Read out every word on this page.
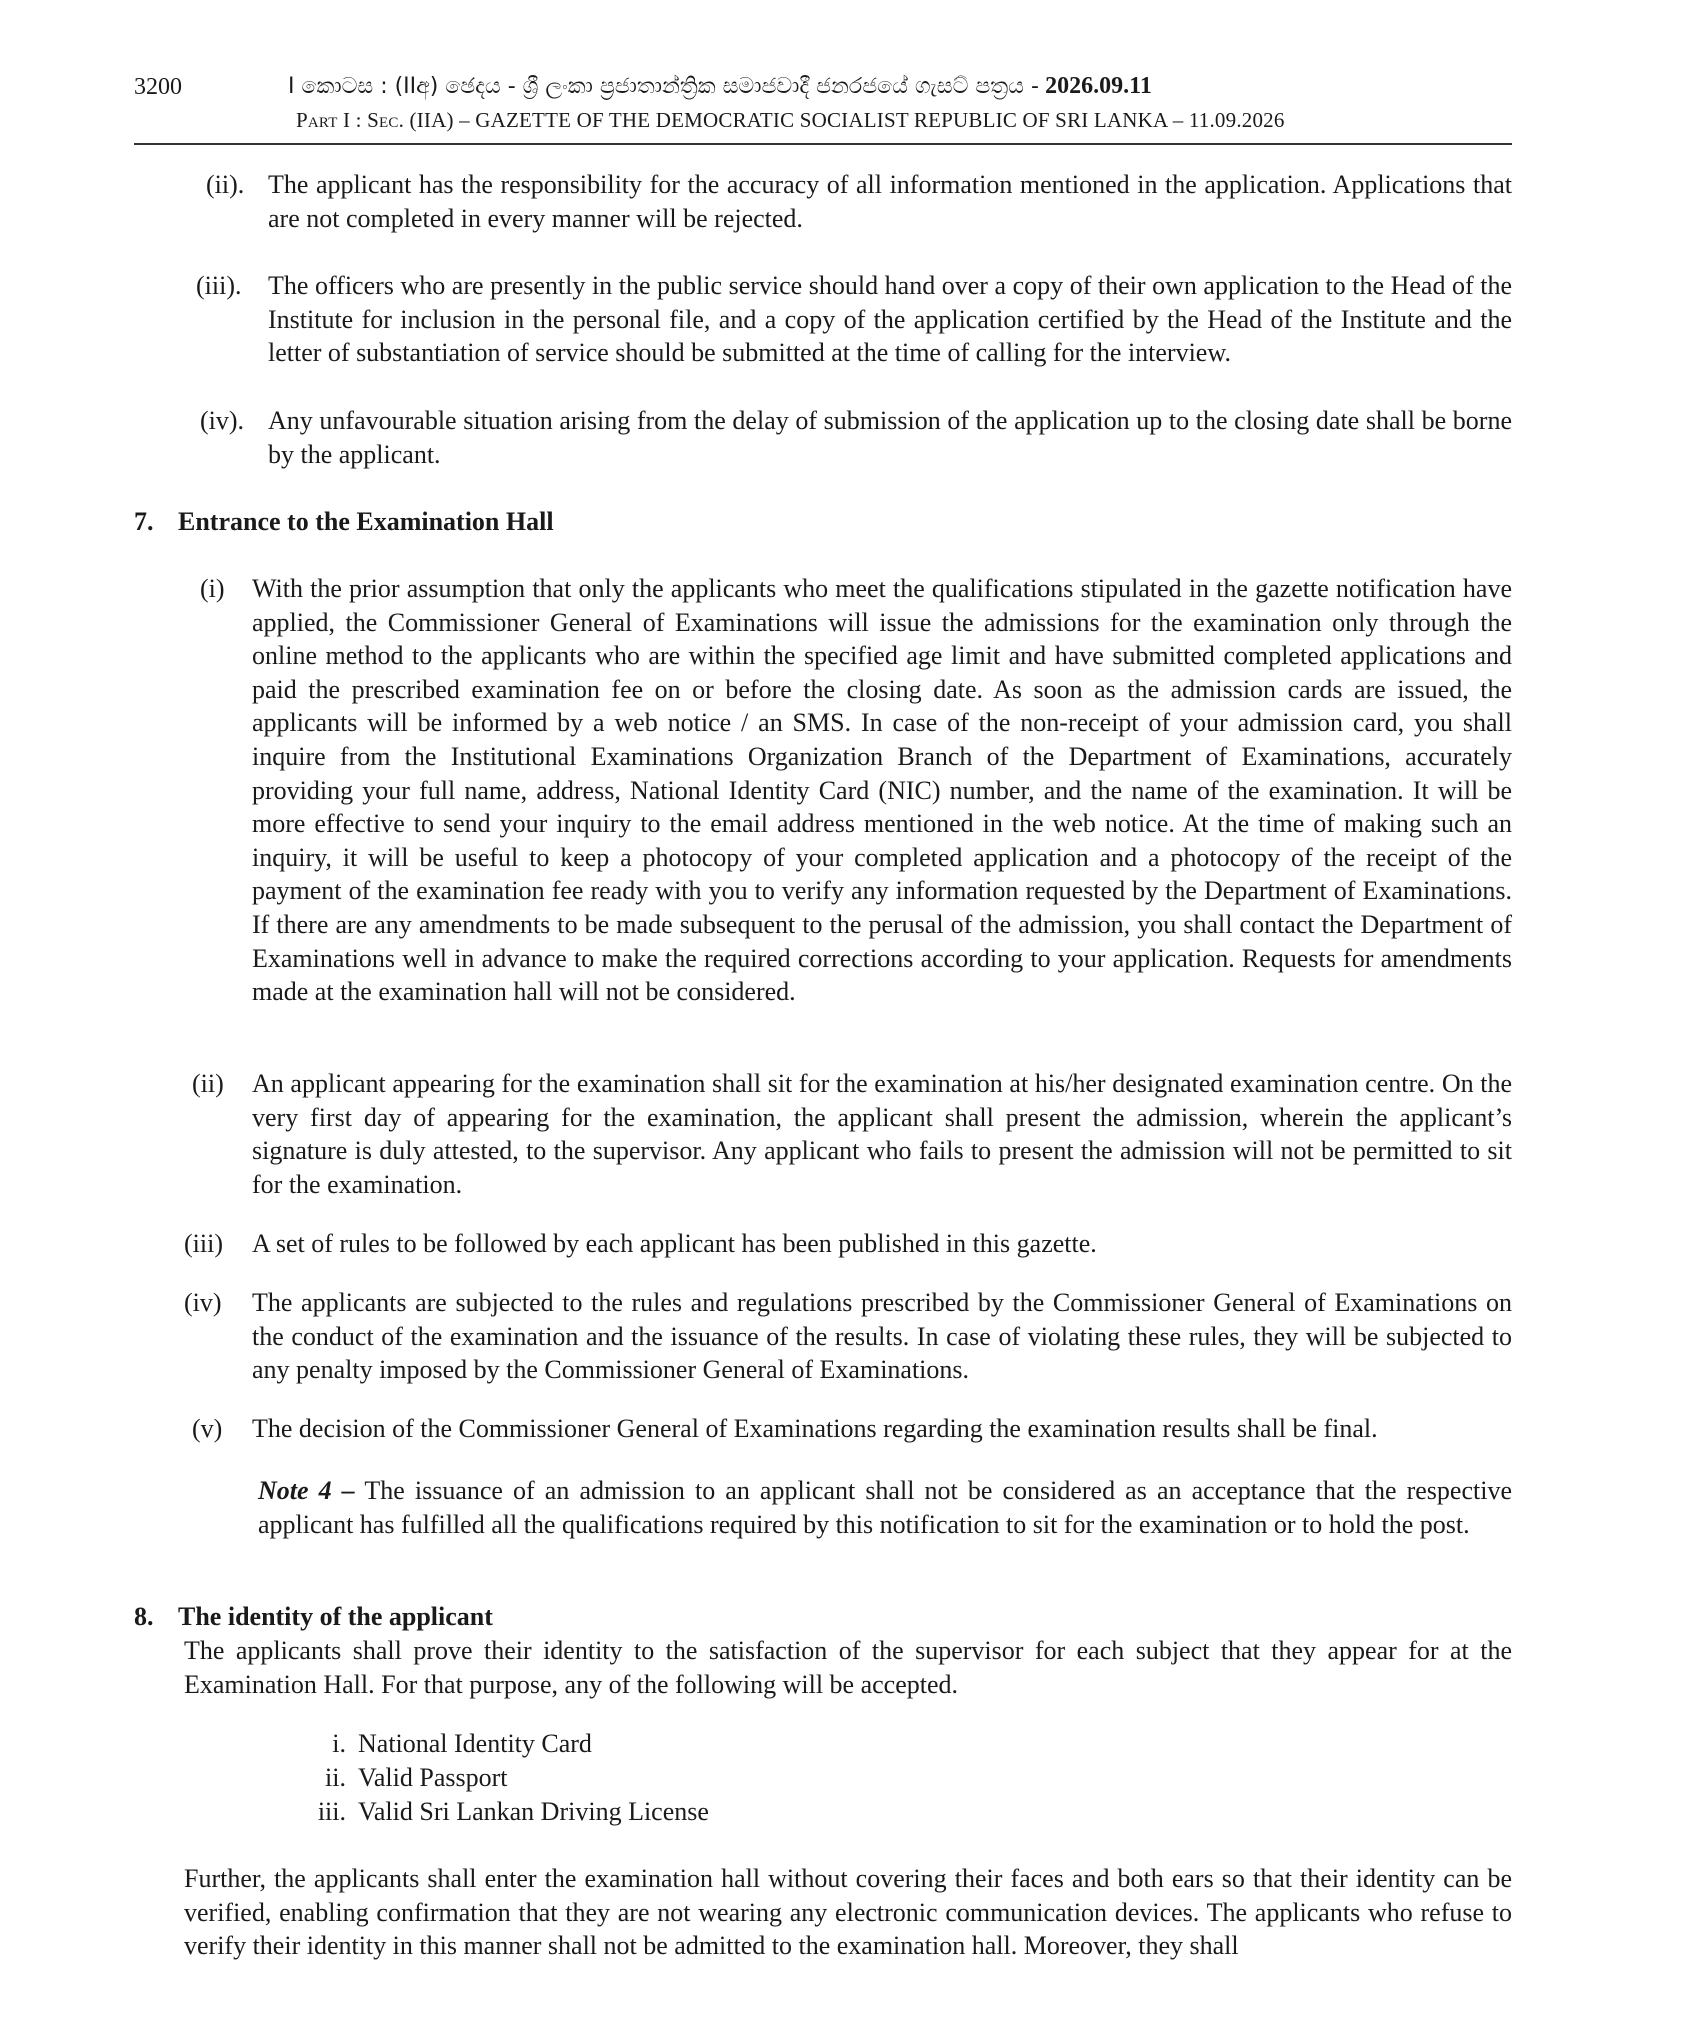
3200	I කොටස : (IIඅ) ඡෙදය - ශ්‍රී ලංකා ප්‍රජාතාන්ත්‍රික සමාජවාදී ජනරජයේ ගැසට් පත්‍රය - 2026.09.11
Part I : Sec. (IIA) – GAZETTE OF THE DEMOCRATIC SOCIALIST REPUBLIC OF SRI LANKA – 11.09.2026
(ii). The applicant has the responsibility for the accuracy of all information mentioned in the application. Applications that are not completed in every manner will be rejected.
(iii). The officers who are presently in the public service should hand over a copy of their own application to the Head of the Institute for inclusion in the personal file, and a copy of the application certified by the Head of the Institute and the letter of substantiation of service should be submitted at the time of calling for the interview.
(iv). Any unfavourable situation arising from the delay of submission of the application up to the closing date shall be borne by the applicant.
7. Entrance to the Examination Hall
(i) With the prior assumption that only the applicants who meet the qualifications stipulated in the gazette notification have applied, the Commissioner General of Examinations will issue the admissions for the examination only through the online method to the applicants who are within the specified age limit and have submitted completed applications and paid the prescribed examination fee on or before the closing date. As soon as the admission cards are issued, the applicants will be informed by a web notice / an SMS. In case of the non-receipt of your admission card, you shall inquire from the Institutional Examinations Organization Branch of the Department of Examinations, accurately providing your full name, address, National Identity Card (NIC) number, and the name of the examination. It will be more effective to send your inquiry to the email address mentioned in the web notice. At the time of making such an inquiry, it will be useful to keep a photocopy of your completed application and a photocopy of the receipt of the payment of the examination fee ready with you to verify any information requested by the Department of Examinations. If there are any amendments to be made subsequent to the perusal of the admission, you shall contact the Department of Examinations well in advance to make the required corrections according to your application. Requests for amendments made at the examination hall will not be considered.
(ii) An applicant appearing for the examination shall sit for the examination at his/her designated examination centre. On the very first day of appearing for the examination, the applicant shall present the admission, wherein the applicant’s signature is duly attested, to the supervisor. Any applicant who fails to present the admission will not be permitted to sit for the examination.
(iii) A set of rules to be followed by each applicant has been published in this gazette.
(iv) The applicants are subjected to the rules and regulations prescribed by the Commissioner General of Examinations on the conduct of the examination and the issuance of the results. In case of violating these rules, they will be subjected to any penalty imposed by the Commissioner General of Examinations.
(v) The decision of the Commissioner General of Examinations regarding the examination results shall be final.
Note 4 – The issuance of an admission to an applicant shall not be considered as an acceptance that the respective applicant has fulfilled all the qualifications required by this notification to sit for the examination or to hold the post.
8. The identity of the applicant
The applicants shall prove their identity to the satisfaction of the supervisor for each subject that they appear for at the Examination Hall. For that purpose, any of the following will be accepted.
i. National Identity Card
ii. Valid Passport
iii. Valid Sri Lankan Driving License
Further, the applicants shall enter the examination hall without covering their faces and both ears so that their identity can be verified, enabling confirmation that they are not wearing any electronic communication devices. The applicants who refuse to verify their identity in this manner shall not be admitted to the examination hall. Moreover, they shall
